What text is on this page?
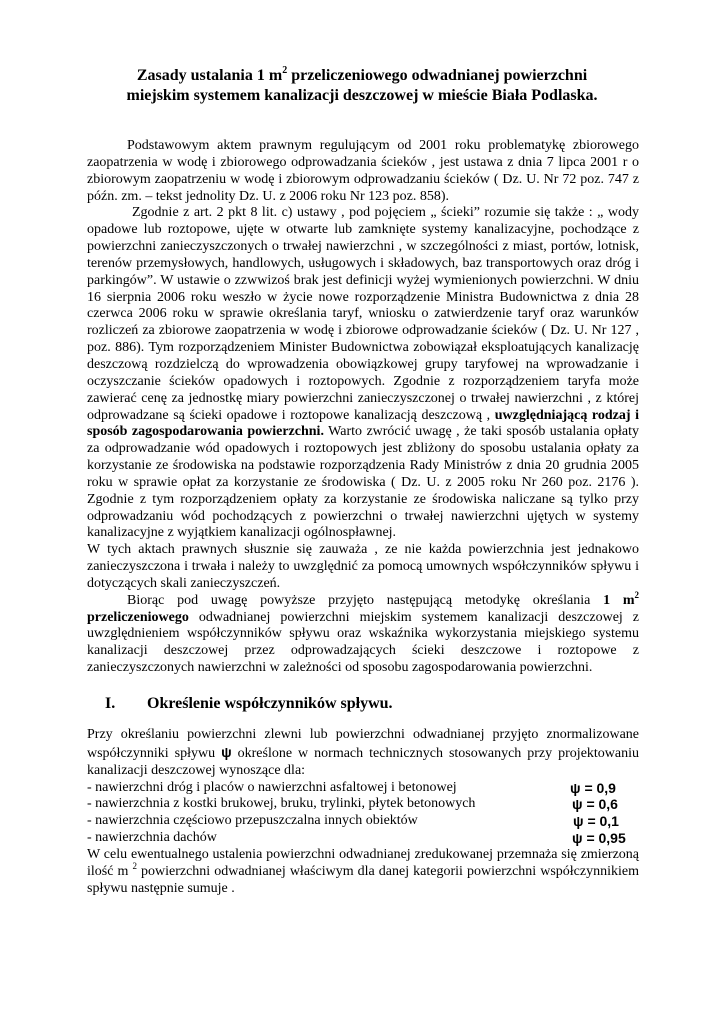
Zasady ustalania 1 $m^2$ przeliczeniowego odwadnianej powierzchni
miejskim systemem kanalizacji deszczowej w mieście Biała Podlaska.

Podstawowym aktem prawnym regulującym od 2001 roku problematykę zbiorowego zaopatrzenia w wodę i zbiorowego odprowadzania ścieków , jest ustawa z dnia 7 lipca 2001 r o zbiorowym zaopatrzeniu w wodę i zbiorowym odprowadzaniu ścieków ( Dz. U. Nr 72 poz. 747 z późn. zm. – tekst jednolity Dz. U. z 2006 roku Nr 123 poz. 858).

Zgodnie z art. 2 pkt 8 lit. c) ustawy , pod pojęciem „ ścieki” rozumie się także : „ wody opadowe lub roztopowe, ujęte w otwarte lub zamknięte systemy kanalizacyjne, pochodzące z powierzchni zanieczyszczonych o trwałej nawierzchni , w szczególności z miast, portów, lotnisk, terenów przemysłowych, handlowych, usługowych i składowych, baz transportowych oraz dróg i parkingów”. W ustawie o zzwwizoś brak jest definicji wyżej wymienionych powierzchni. W dniu 16 sierpnia 2006 roku weszło w życie nowe rozporządzenie Ministra Budownictwa z dnia 28 czerwca 2006 roku w sprawie określania taryf, wniosku o zatwierdzenie taryf oraz warunków rozliczeń za zbiorowe zaopatrzenia w wodę i zbiorowe odprowadzanie ścieków ( Dz. U. Nr 127 , poz. 886). Tym rozporządzeniem Minister Budownictwa zobowiązał eksploatujących kanalizację deszczową rozdzielczą do wprowadzenia obowiązkowej grupy taryfowej na wprowadzanie i oczyszczanie ścieków opadowych i roztopowych. Zgodnie z rozporządzeniem taryfa może zawierać cenę za jednostkę miary powierzchni zanieczyszczonej o trwałej nawierzchni , z której odprowadzane są ścieki opadowe i roztopowe kanalizacją deszczową , uwzględniającą rodzaj i sposób zagospodarowania powierzchni. Warto zwrócić uwagę , że taki sposób ustalania opłaty za odprowadzanie wód opadowych i roztopowych jest zbliżony do sposobu ustalania opłaty za korzystanie ze środowiska na podstawie rozporządzenia Rady Ministrów z dnia 20 grudnia 2005 roku w sprawie opłat za korzystanie ze środowiska ( Dz. U. z 2005 roku Nr 260 poz. 2176 ). Zgodnie z tym rozporządzeniem opłaty za korzystanie ze środowiska naliczane są tylko przy odprowadzaniu wód pochodzących z powierzchni o trwałej nawierzchni ujętych w systemy kanalizacyjne z wyjątkiem kanalizacji ogólnospławnej.

W tych aktach prawnych słusznie się zauważa , ze nie każda powierzchnia jest jednakowo zanieczyszczona i trwała i należy to uwzględnić za pomocą umownych współczynników spływu i dotyczących skali zanieczyszczeń.

Biorąc pod uwagę powyższe przyjęto następującą metodykę określania 1 $m^2$ przeliczeniowego odwadnianej powierzchni miejskim systemem kanalizacji deszczowej z uwzględnieniem współczynników spływu oraz wskaźnika wykorzystania miejskiego systemu kanalizacji deszczowej przez odprowadzających ścieki deszczowe i roztopowe z zanieczyszczonych nawierzchni w zależności od sposobu zagospodarowania powierzchni.

I. Określenie współczynników spływu.

Przy określaniu powierzchni zlewni lub powierzchni odwadnianej przyjęto znormalizowane współczynniki spływu ψ określone w normach technicznych stosowanych przy projektowaniu kanalizacji deszczowej wynoszące dla:

- nawierzchni dróg i placów o nawierzchni asfaltowej i betonowej	ψ = 0,9
- nawierzchnia z kostki brukowej, bruku, trylinki, płytek betonowych	ψ = 0,6
- nawierzchnia częściowo przepuszczalna innych obiektów	ψ = 0,1
- nawierzchnia dachów	ψ = 0,95

W celu ewentualnego ustalenia powierzchni odwadnianej zredukowanej przemnaża się zmierzoną ilość m $^2$ powierzchni odwadnianej właściwym dla danej kategorii powierzchni współczynnikiem spływu następnie sumuje .
